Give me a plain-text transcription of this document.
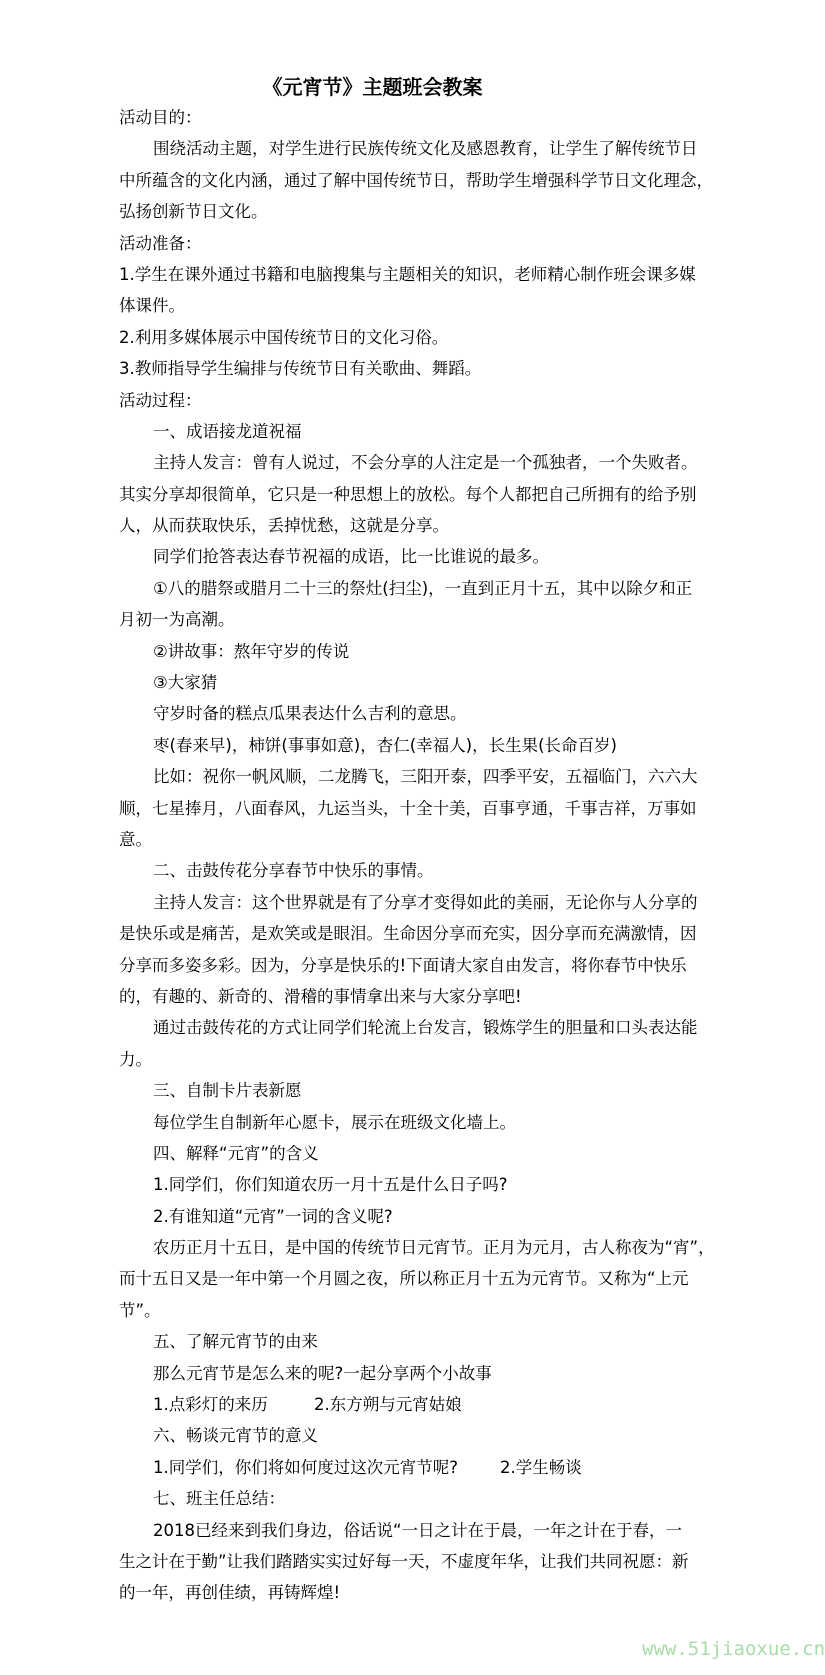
《元宵节》主题班会教案
活动目的：
围绕活动主题，对学生进行民族传统文化及感恩教育，让学生了解传统节日
中所蕴含的文化内涵，通过了解中国传统节日，帮助学生增强科学节日文化理念，
弘扬创新节日文化。
活动准备：
1.学生在课外通过书籍和电脑搜集与主题相关的知识，老师精心制作班会课多媒
体课件。
2.利用多媒体展示中国传统节日的文化习俗。
3.教师指导学生编排与传统节日有关歌曲、舞蹈。
活动过程：
一、成语接龙道祝福
主持人发言：曾有人说过，不会分享的人注定是一个孤独者，一个失败者。
其实分享却很简单，它只是一种思想上的放松。每个人都把自己所拥有的给予别
人，从而获取快乐，丢掉忧愁，这就是分享。
同学们抢答表达春节祝福的成语，比一比谁说的最多。
①八的腊祭或腊月二十三的祭灶(扫尘)，一直到正月十五，其中以除夕和正
月初一为高潮。
②讲故事：熬年守岁的传说
③大家猜
守岁时备的糕点瓜果表达什么吉利的意思。
枣(春来早)，柿饼(事事如意)，杏仁(幸福人)，长生果(长命百岁)
比如：祝你一帆风顺，二龙腾飞，三阳开泰，四季平安，五福临门，六六大
顺，七星捧月，八面春风，九运当头，十全十美，百事亨通，千事吉祥，万事如
意。
二、击鼓传花分享春节中快乐的事情。
主持人发言：这个世界就是有了分享才变得如此的美丽，无论你与人分享的
是快乐或是痛苦，是欢笑或是眼泪。生命因分享而充实，因分享而充满激情，因
分享而多姿多彩。因为，分享是快乐的!下面请大家自由发言，将你春节中快乐
的，有趣的、新奇的、滑稽的事情拿出来与大家分享吧!
通过击鼓传花的方式让同学们轮流上台发言，锻炼学生的胆量和口头表达能
力。
三、自制卡片表新愿
每位学生自制新年心愿卡，展示在班级文化墙上。
四、解释“元宵”的含义
1.同学们，你们知道农历一月十五是什么日子吗?
2.有谁知道“元宵”一词的含义呢?
农历正月十五日，是中国的传统节日元宵节。正月为元月，古人称夜为“宵”，
而十五日又是一年中第一个月圆之夜，所以称正月十五为元宵节。又称为“上元
节”。
五、了解元宵节的由来
那么元宵节是怎么来的呢?一起分享两个小故事
1.点彩灯的来历	2.东方朔与元宵姑娘
六、畅谈元宵节的意义
1.同学们，你们将如何度过这次元宵节呢?	2.学生畅谈
七、班主任总结：
2018已经来到我们身边，俗话说“一日之计在于晨，一年之计在于春，一
生之计在于勤”让我们踏踏实实过好每一天，不虚度年华，让我们共同祝愿：新
的一年，再创佳绩，再铸辉煌!
www.51jiaoxue.cn
